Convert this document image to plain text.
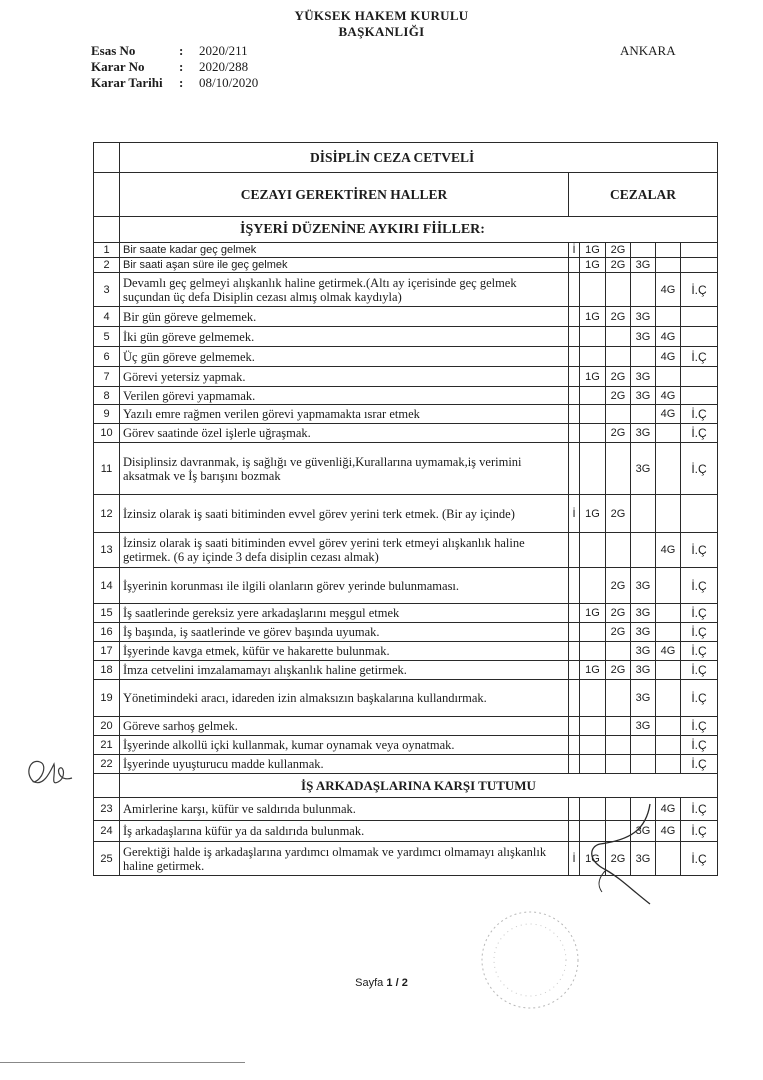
YÜKSEK HAKEM KURULU
BAŞKANLIĞI
Esas No	:	2020/211
Karar No	:	2020/288
Karar Tarihi	:	08/10/2020
ANKARA
	DİSİPLİN CEZA CETVELİ						
	CEZAYI GEREKTİREN HALLER	CEZALAR					
	İŞYERİ DÜZENİNE AYKIRI FİİLLER:						
1	Bir saate kadar geç gelmek	İ	1G	2G			
2	Bir saati aşan süre ile geç gelmek		1G	2G	3G		
3	Devamlı geç gelmeyi alışkanlık haline getirmek.(Altı ay içerisinde geç gelmek suçundan üç defa Disiplin cezası almış olmak kaydıyla)					4G	İ.Ç
4	Bir gün göreve gelmemek.		1G	2G	3G		
5	İki gün göreve gelmemek.				3G	4G	
6	Üç gün göreve gelmemek.					4G	İ.Ç
7	Görevi yetersiz yapmak.		1G	2G	3G		
8	Verilen görevi yapmamak.			2G	3G	4G	
9	Yazılı emre rağmen verilen görevi yapmamakta ısrar etmek					4G	İ.Ç
10	Görev saatinde özel işlerle uğraşmak.			2G	3G		İ.Ç
11	Disiplinsiz davranmak, iş sağlığı ve güvenliği,Kurallarına uymamak,iş verimini aksatmak ve İş barışını bozmak				3G		İ.Ç
12	İzinsiz olarak iş saati bitiminden evvel görev yerini terk etmek. (Bir ay içinde)	İ	1G	2G			
13	İzinsiz olarak iş saati bitiminden evvel görev yerini terk etmeyi alışkanlık haline getirmek. (6 ay içinde 3 defa disiplin cezası almak)					4G	İ.Ç
14	İşyerinin korunması ile ilgili olanların görev yerinde bulunmaması.			2G	3G		İ.Ç
15	İş saatlerinde gereksiz yere arkadaşlarını meşgul etmek		1G	2G	3G		İ.Ç
16	İş başında, iş saatlerinde ve görev başında uyumak.			2G	3G		İ.Ç
17	İşyerinde kavga etmek, küfür ve hakarette bulunmak.				3G	4G	İ.Ç
18	İmza cetvelini imzalamamayı alışkanlık haline getirmek.		1G	2G	3G		İ.Ç
19	Yönetimindeki aracı, idareden izin almaksızın başkalarına kullandırmak.				3G		İ.Ç
20	Göreve sarhoş gelmek.				3G		İ.Ç
21	İşyerinde alkollü içki kullanmak, kumar oynamak veya oynatmak.						İ.Ç
22	İşyerinde uyuşturucu madde kullanmak.						İ.Ç
	İŞ ARKADAŞLARINA KARŞI TUTUMU						
23	Amirlerine karşı, küfür ve saldırıda bulunmak.					4G	İ.Ç
24	İş arkadaşlarına küfür ya da saldırıda bulunmak.				3G	4G	İ.Ç
25	Gerektiği halde iş arkadaşlarına yardımcı olmamak ve yardımcı olmamayı alışkanlık haline getirmek.	İ	1G	2G	3G		İ.Ç
Sayfa 1 / 2
